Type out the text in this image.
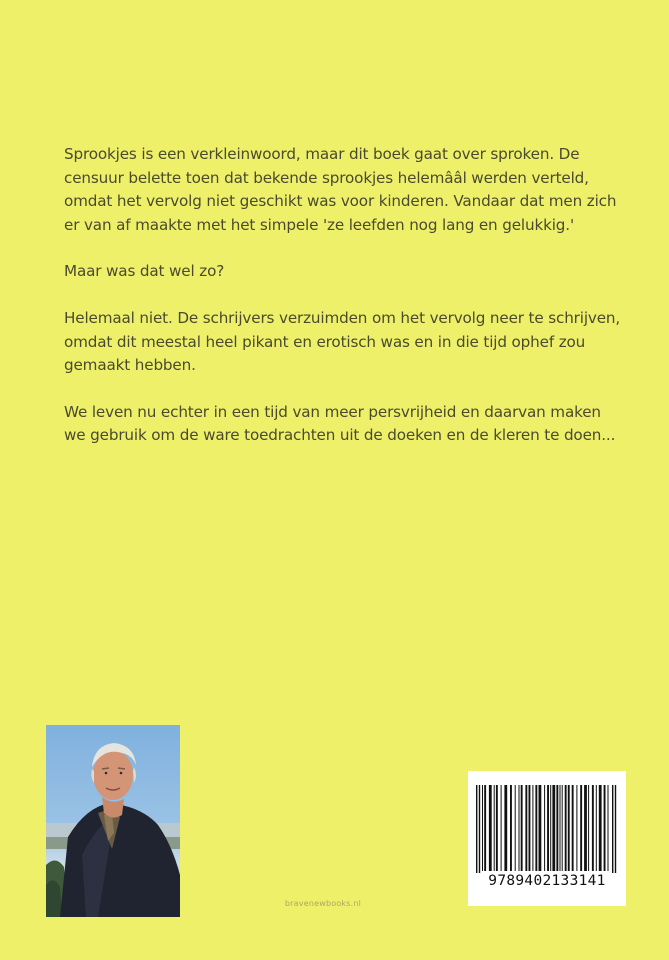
Sprookjes is een verkleinwoord, maar dit boek gaat over sproken. De censuur belette toen dat bekende sprookjes helemââl werden verteld, omdat het vervolg niet geschikt was voor kinderen. Vandaar dat men zich er van af maakte met het simpele 'ze leefden nog lang en gelukkig.'

Maar was dat wel zo?

Helemaal niet. De schrijvers verzuimden om het vervolg neer te schrijven, omdat dit meestal heel pikant en erotisch was en in die tijd ophef zou gemaakt hebben.

We leven nu echter in een tijd van meer persvrijheid en daarvan maken we gebruik om de ware toedrachten uit de doeken en de kleren te doen...

bravenewbooks.nl
9789402133141
